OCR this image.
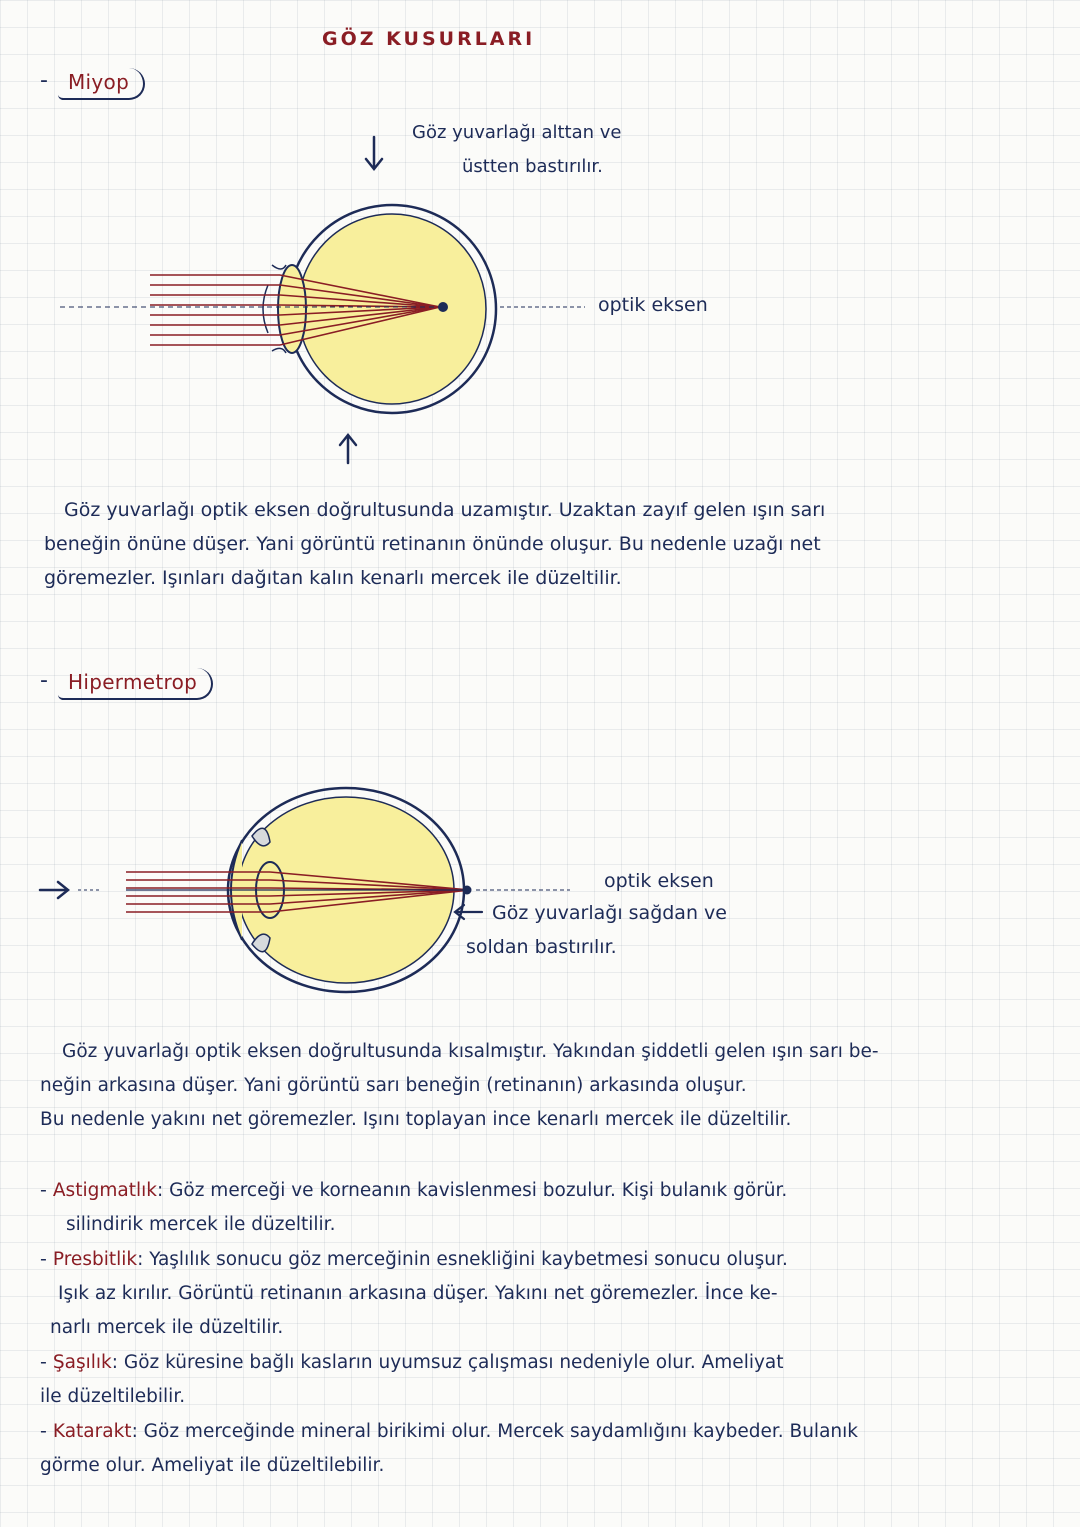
GÖZ KUSURLARI
-	Miyop
Göz yuvarlağı alttan ve
üstten bastırılır.
optik eksen

Göz yuvarlağı optik eksen doğrultusunda uzamıştır. Uzaktan zayıf gelen ışın sarı

beneğin önüne düşer. Yani görüntü retinanın önünde oluşur. Bu nedenle uzağı net

göremezler. Işınları dağıtan kalın kenarlı mercek ile düzeltilir.

-	Hipermetrop
optik eksen
Göz yuvarlağı sağdan ve
soldan bastırılır.

Göz yuvarlağı optik eksen doğrultusunda kısalmıştır. Yakından şiddetli gelen ışın sarı be-

neğin arkasına düşer. Yani görüntü sarı beneğin (retinanın) arkasında oluşur.

Bu nedenle yakını net göremezler. Işını toplayan ince kenarlı mercek ile düzeltilir.

- Astigmatlık: Göz merceği ve korneanın kavislenmesi bozulur. Kişi bulanık görür.

silindirik mercek ile düzeltilir.

- Presbitlik: Yaşlılık sonucu göz merceğinin esnekliğini kaybetmesi sonucu oluşur.

Işık az kırılır. Görüntü retinanın arkasına düşer. Yakını net göremezler. İnce ke-

narlı mercek ile düzeltilir.

- Şaşılık: Göz küresine bağlı kasların uyumsuz çalışması nedeniyle olur. Ameliyat

ile düzeltilebilir.

- Katarakt: Göz merceğinde mineral birikimi olur. Mercek saydamlığını kaybeder. Bulanık

görme olur. Ameliyat ile düzeltilebilir.
